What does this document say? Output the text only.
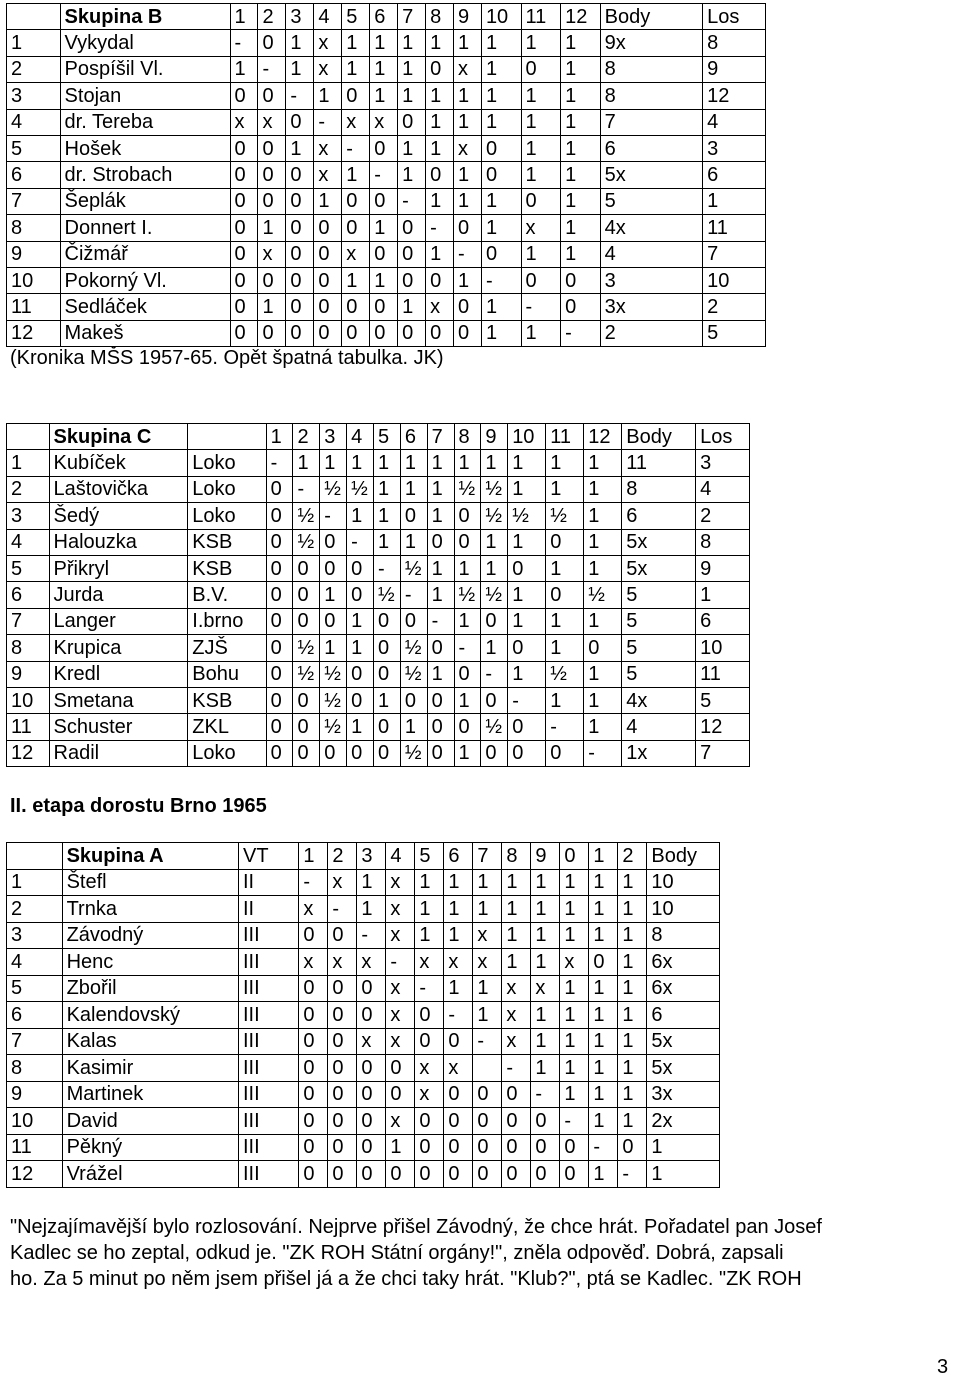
	Skupina B	1	2	3	4	5	6	7	8	9	10	11	12	Body	Los
1	Vykydal	-	0	1	x	1	1	1	1	1	1	1	1	9x	8
2	Pospíšil Vl.	1	-	1	x	1	1	1	0	x	1	0	1	8	9
3	Stojan	0	0	-	1	0	1	1	1	1	1	1	1	8	12
4	dr. Tereba	x	x	0	-	x	x	0	1	1	1	1	1	7	4
5	Hošek	0	0	1	x	-	0	1	1	x	0	1	1	6	3
6	dr. Strobach	0	0	0	x	1	-	1	0	1	0	1	1	5x	6
7	Šeplák	0	0	0	1	0	0	-	1	1	1	0	1	5	1
8	Donnert I.	0	1	0	0	0	1	0	-	0	1	x	1	4x	11
9	Čižmář	0	x	0	0	x	0	0	1	-	0	1	1	4	7
10	Pokorný Vl.	0	0	0	0	1	1	0	0	1	-	0	0	3	10
11	Sedláček	0	1	0	0	0	0	1	x	0	1	-	0	3x	2
12	Makeš	0	0	0	0	0	0	0	0	0	1	1	-	2	5
(Kronika MŠS 1957-65. Opět špatná tabulka. JK)
	Skupina C		1	2	3	4	5	6	7	8	9	10	11	12	Body	Los
1	Kubíček	Loko	-	1	1	1	1	1	1	1	1	1	1	1	11	3
2	Laštovička	Loko	0	-	½	½	1	1	1	½	½	1	1	1	8	4
3	Šedý	Loko	0	½	-	1	1	0	1	0	½	½	½	1	6	2
4	Halouzka	KSB	0	½	0	-	1	1	0	0	1	1	0	1	5x	8
5	Přikryl	KSB	0	0	0	0	-	½	1	1	1	0	1	1	5x	9
6	Jurda	B.V.	0	0	1	0	½	-	1	½	½	1	0	½	5	1
7	Langer	I.brno	0	0	0	1	0	0	-	1	0	1	1	1	5	6
8	Krupica	ZJŠ	0	½	1	1	0	½	0	-	1	0	1	0	5	10
9	Kredl	Bohu	0	½	½	0	0	½	1	0	-	1	½	1	5	11
10	Smetana	KSB	0	0	½	0	1	0	0	1	0	-	1	1	4x	5
11	Schuster	ZKL	0	0	½	1	0	1	0	0	½	0	-	1	4	12
12	Radil	Loko	0	0	0	0	0	½	0	1	0	0	0	-	1x	7
II. etapa dorostu Brno 1965
	Skupina A	VT	1	2	3	4	5	6	7	8	9	0	1	2	Body
1	Štefl	II	-	x	1	x	1	1	1	1	1	1	1	1	10
2	Trnka	II	x	-	1	x	1	1	1	1	1	1	1	1	10
3	Závodný	III	0	0	-	x	1	1	x	1	1	1	1	1	8
4	Henc	III	x	x	x	-	x	x	x	1	1	x	0	1	6x
5	Zbořil	III	0	0	0	x	-	1	1	x	x	1	1	1	6x
6	Kalendovský	III	0	0	0	x	0	-	1	x	1	1	1	1	6
7	Kalas	III	0	0	x	x	0	0	-	x	1	1	1	1	5x
8	Kasimir	III	0	0	0	0	x	x		-	1	1	1	1	5x
9	Martinek	III	0	0	0	0	x	0	0	0	-	1	1	1	3x
10	David	III	0	0	0	x	0	0	0	0	0	-	1	1	2x
11	Pěkný	III	0	0	0	1	0	0	0	0	0	0	-	0	1
12	Vrážel	III	0	0	0	0	0	0	0	0	0	0	1	-	1

"Nejzajímavější bylo rozlosování. Nejprve přišel Závodný, že chce hrát. Pořadatel pan Josef

Kadlec se ho zeptal, odkud je. "ZK ROH Státní orgány!", zněla odpověď. Dobrá, zapsali

ho. Za 5 minut po něm jsem přišel já a že chci taky hrát. "Klub?", ptá se Kadlec. "ZK ROH

3
